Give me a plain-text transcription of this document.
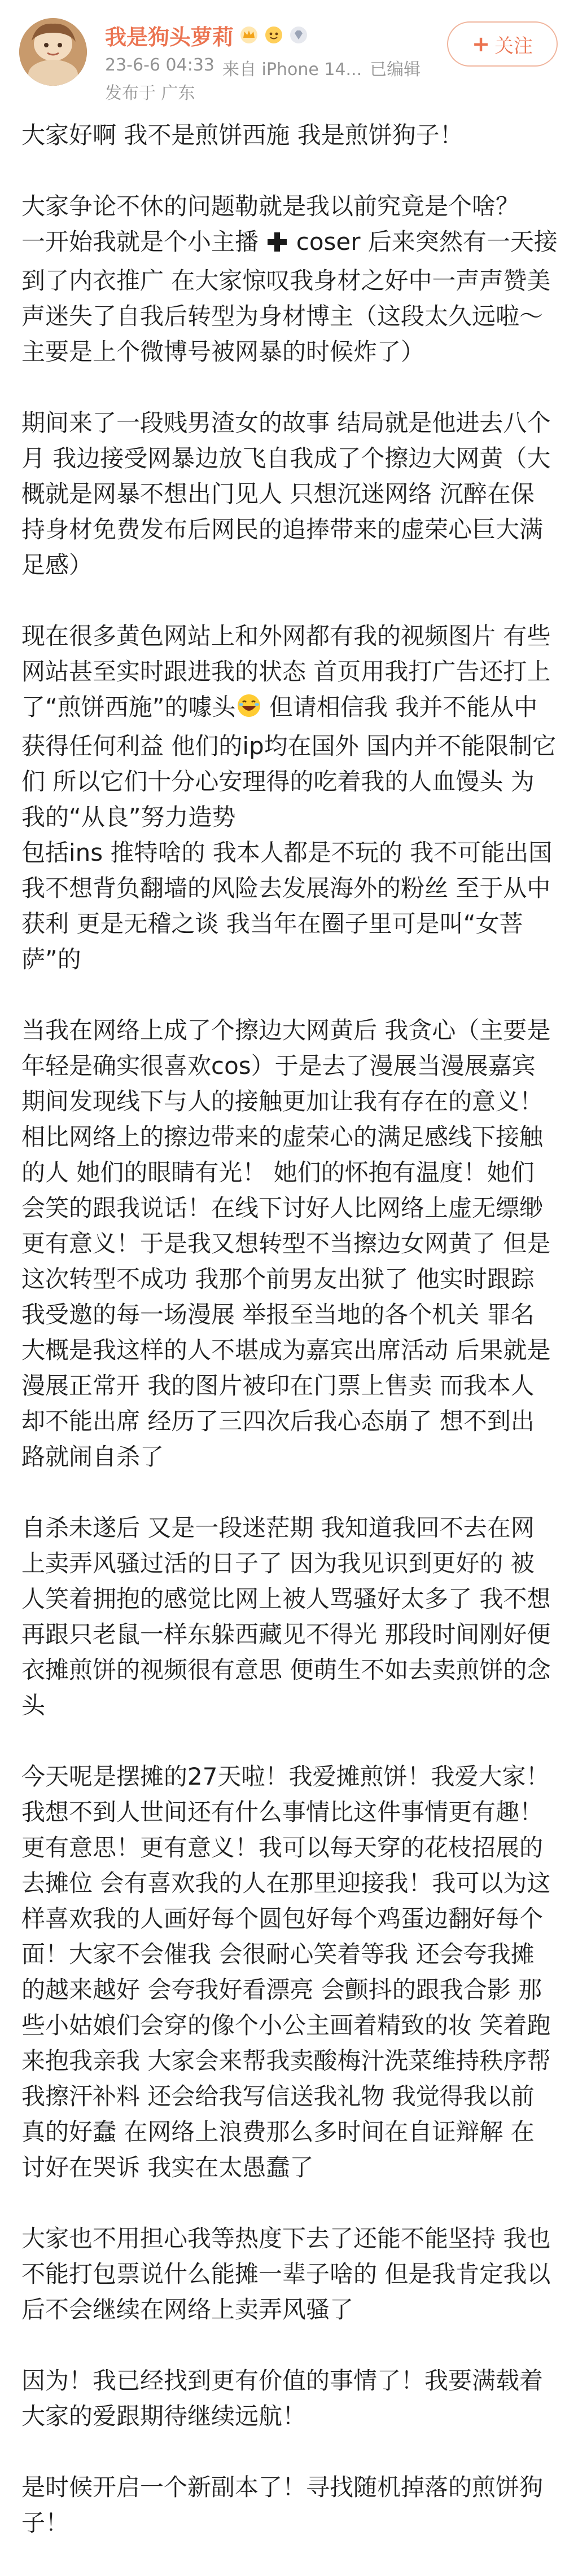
我是狗头萝莉
23-6-6 04:33 来自 iPhone 14... 已编辑
发布于 广东
+ 关注

大家好啊 我不是煎饼西施 我是煎饼狗子！

大家争论不休的问题勒就是我以前究竟是个啥？
一开始我就是个小主播 coser 后来突然有一天接到了内衣推广 在大家惊叹我身材之好中一声声赞美声迷失了自我后转型为身材博主（这段太久远啦～主要是上个微博号被网暴的时候炸了）

期间来了一段贱男渣女的故事 结局就是他进去八个月 我边接受网暴边放飞自我成了个擦边大网黄（大概就是网暴不想出门见人 只想沉迷网络 沉醉在保持身材免费发布后网民的追捧带来的虚荣心巨大满足感）

现在很多黄色网站上和外网都有我的视频图片 有些网站甚至实时跟进我的状态 首页用我打广告还打上了“煎饼西施”的噱头 但请相信我 我并不能从中获得任何利益 他们的ip均在国外 国内并不能限制它们 所以它们十分心安理得的吃着我的人血馒头 为我的“从良”努力造势

包括ins 推特啥的 我本人都是不玩的 我不可能出国 我不想背负翻墙的风险去发展海外的粉丝 至于从中获利 更是无稽之谈 我当年在圈子里可是叫“女菩萨”的

当我在网络上成了个擦边大网黄后 我贪心（主要是年轻是确实很喜欢cos）于是去了漫展当漫展嘉宾 期间发现线下与人的接触更加让我有存在的意义！相比网络上的擦边带来的虚荣心的满足感线下接触的人 她们的眼睛有光！ 她们的怀抱有温度！她们会笑的跟我说话！在线下讨好人比网络上虚无缥缈更有意义！于是我又想转型不当擦边女网黄了 但是这次转型不成功 我那个前男友出狱了 他实时跟踪我受邀的每一场漫展 举报至当地的各个机关 罪名大概是我这样的人不堪成为嘉宾出席活动 后果就是漫展正常开 我的图片被印在门票上售卖 而我本人却不能出席 经历了三四次后我心态崩了 想不到出路就闹自杀了

自杀未遂后 又是一段迷茫期 我知道我回不去在网上卖弄风骚过活的日子了 因为我见识到更好的 被人笑着拥抱的感觉比网上被人骂骚好太多了 我不想再跟只老鼠一样东躲西藏见不得光 那段时间刚好便衣摊煎饼的视频很有意思 便萌生不如去卖煎饼的念头

今天呢是摆摊的27天啦！我爱摊煎饼！我爱大家！我想不到人世间还有什么事情比这件事情更有趣！更有意思！更有意义！我可以每天穿的花枝招展的去摊位 会有喜欢我的人在那里迎接我！我可以为这样喜欢我的人画好每个圆包好每个鸡蛋边翻好每个面！大家不会催我 会很耐心笑着等我 还会夸我摊的越来越好 会夸我好看漂亮 会颤抖的跟我合影 那些小姑娘们会穿的像个小公主画着精致的妆 笑着跑来抱我亲我 大家会来帮我卖酸梅汁洗菜维持秩序帮我擦汗补料 还会给我写信送我礼物 我觉得我以前真的好蠢 在网络上浪费那么多时间在自证辩解 在讨好在哭诉 我实在太愚蠢了

大家也不用担心我等热度下去了还能不能坚持 我也不能打包票说什么能摊一辈子啥的 但是我肯定我以后不会继续在网络上卖弄风骚了

因为！我已经找到更有价值的事情了！我要满载着大家的爱跟期待继续远航！

是时候开启一个新副本了！寻找随机掉落的煎饼狗子！
